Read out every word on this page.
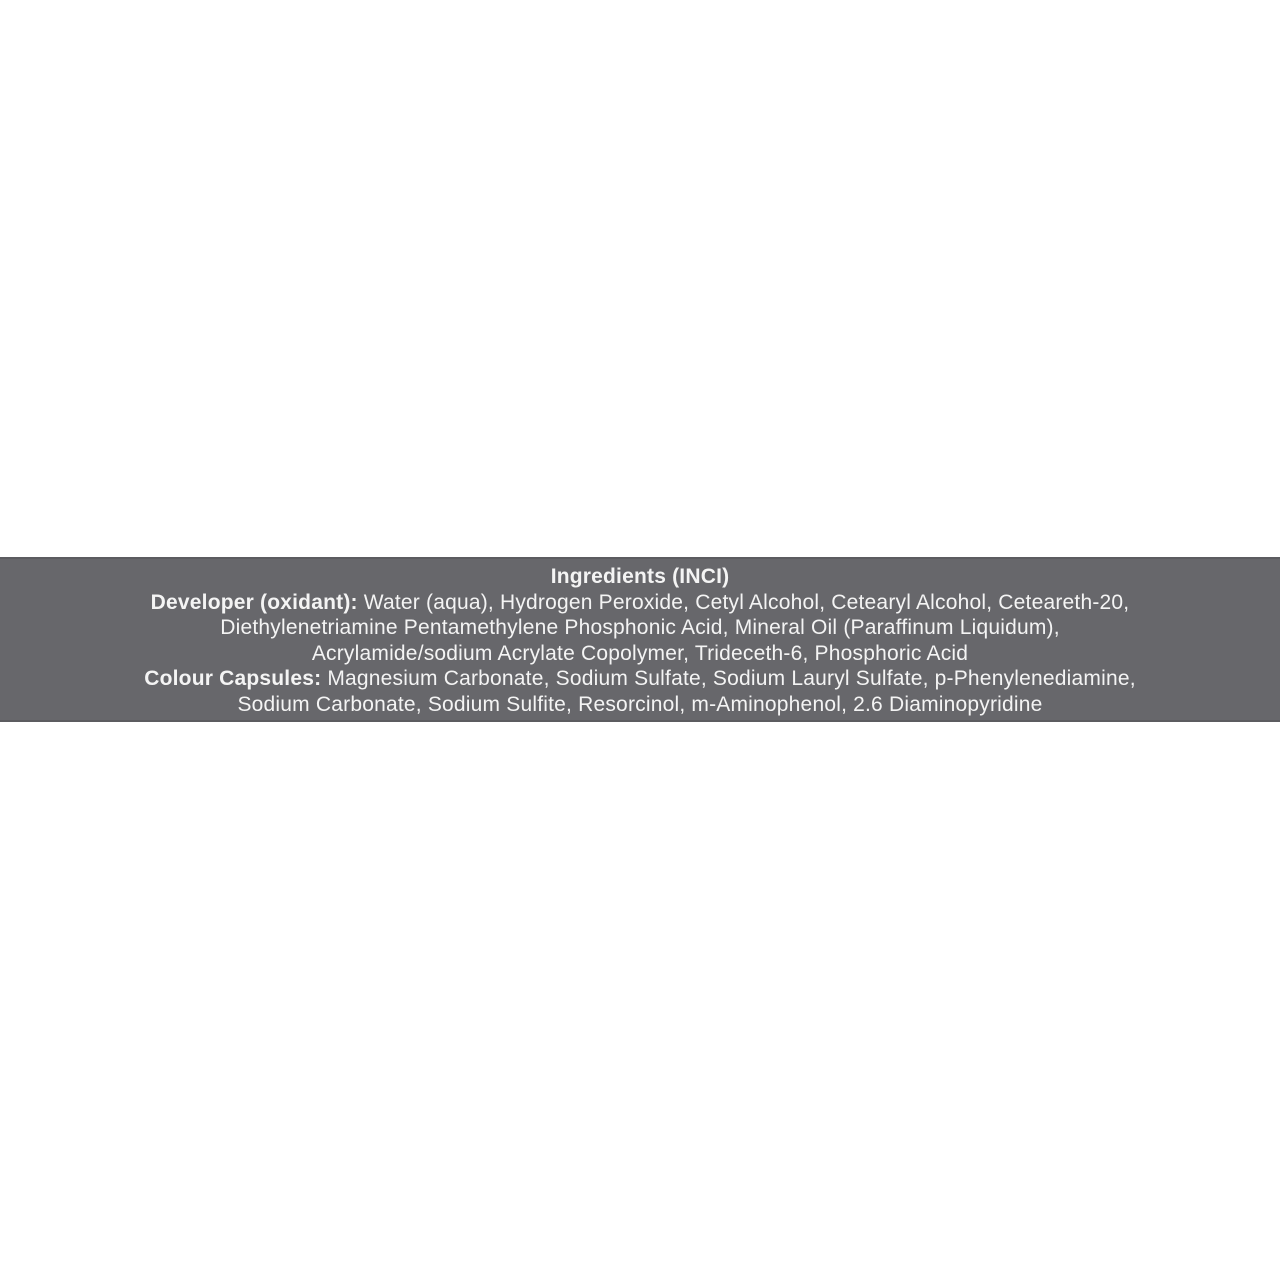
Ingredients (INCI)
Developer (oxidant): Water (aqua), Hydrogen Peroxide, Cetyl Alcohol, Cetearyl Alcohol, Ceteareth-20,
Diethylenetriamine Pentamethylene Phosphonic Acid, Mineral Oil (Paraffinum Liquidum),
Acrylamide/sodium Acrylate Copolymer, Trideceth-6, Phosphoric Acid
Colour Capsules: Magnesium Carbonate, Sodium Sulfate, Sodium Lauryl Sulfate, p-Phenylenediamine,
Sodium Carbonate, Sodium Sulfite, Resorcinol, m-Aminophenol, 2.6 Diaminopyridine
